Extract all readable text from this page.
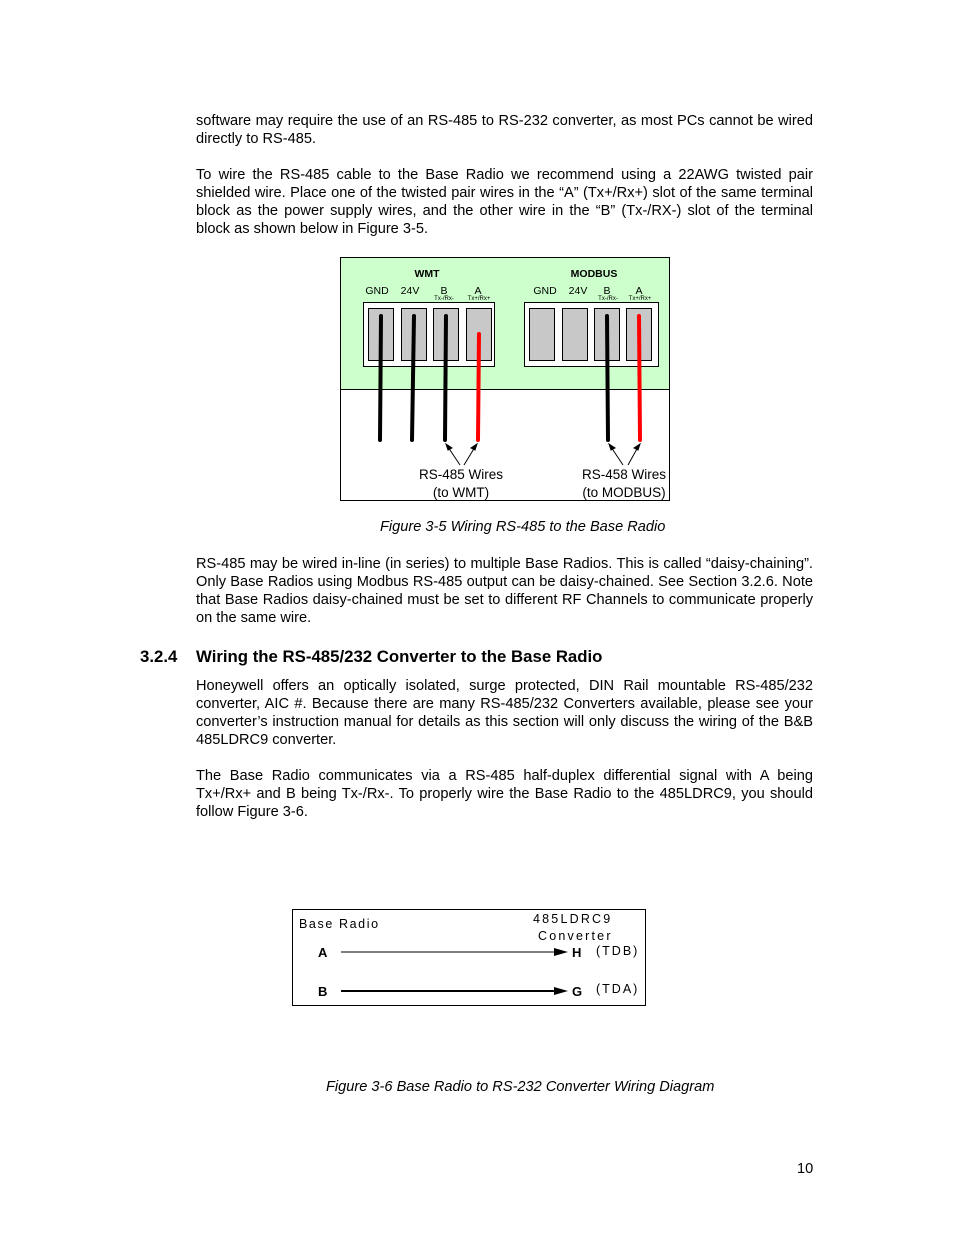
software may require the use of an RS-485 to RS-232 converter, as most PCs cannot be wired directly to RS-485.

To wire the RS-485 cable to the Base Radio we recommend using a 22AWG twisted pair shielded wire. Place one of the twisted pair wires in the “A” (Tx+/Rx+) slot of the same terminal block as the power supply wires, and the other wire in the “B” (Tx-/RX-) slot of the terminal block as shown below in Figure 3-5.

WMT	MODBUS
GND 24V B	A
Tx-/Rx- Tx+/Rx+
GND 24V B A
Tx-/Rx- Tx+/Rx+
RS-485 Wires
(to WMT)
RS-458 Wires
(to MODBUS)

Figure 3-5 Wiring RS-485 to the Base Radio

RS-485 may be wired in-line (in series) to multiple Base Radios. This is called “daisy-chaining”. Only Base Radios using Modbus RS-485 output can be daisy-chained. See Section 3.2.6. Note that Base Radios daisy-chained must be set to different RF Channels to communicate properly on the same wire.

3.2.4 Wiring the RS-485/232 Converter to the Base Radio

Honeywell offers an optically isolated, surge protected, DIN Rail mountable RS-485/232 converter, AIC #. Because there are many RS-485/232 Converters available, please see your converter’s instruction manual for details as this section will only discuss the wiring of the B&B 485LDRC9 converter.

The Base Radio communicates via a RS-485 half-duplex differential signal with A being Tx+/Rx+ and B being Tx-/Rx-. To properly wire the Base Radio to the 485LDRC9, you should follow Figure 3-6.

Base Radio	485LDRC9
Converter
A	H (TDB)
B	G (TDA)

Figure 3-6 Base Radio to RS-232 Converter Wiring Diagram

10
